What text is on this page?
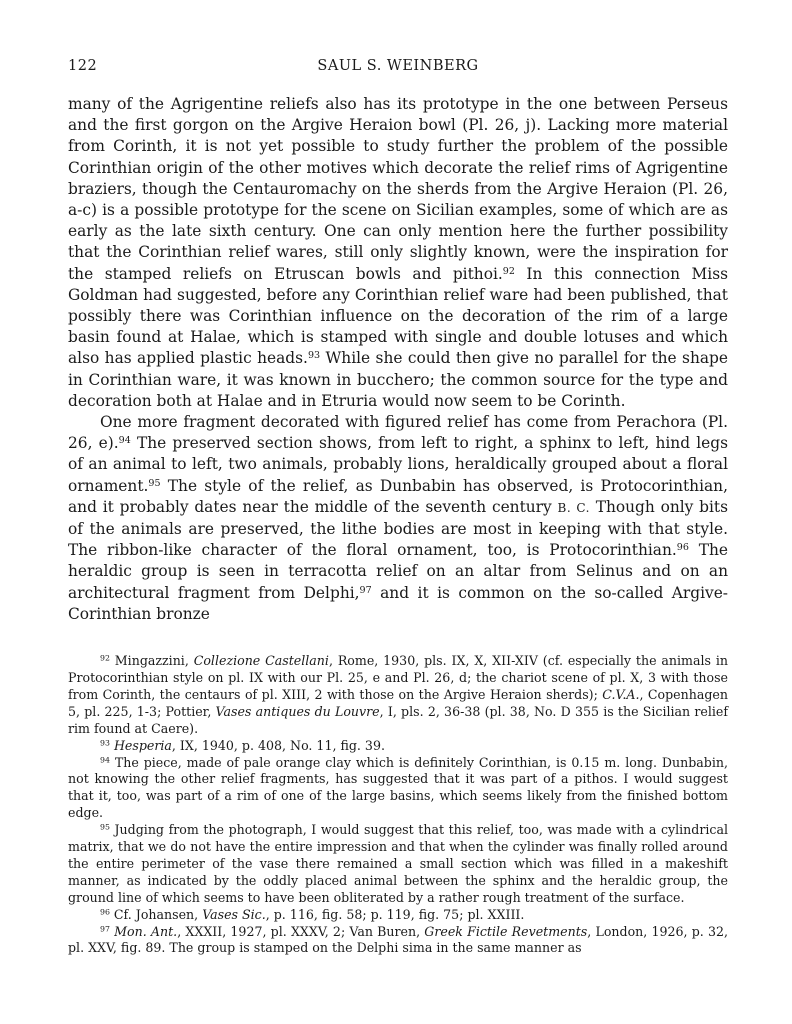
122	SAUL S. WEINBERG

many of the Agrigentine reliefs also has its prototype in the one between Perseus and the first gorgon on the Argive Heraion bowl (Pl. 26, j). Lacking more material from Corinth, it is not yet possible to study further the problem of the possible Corinthian origin of the other motives which decorate the relief rims of Agrigentine braziers, though the Centauromachy on the sherds from the Argive Heraion (Pl. 26, a-c) is a possible prototype for the scene on Sicilian examples, some of which are as early as the late sixth century. One can only mention here the further possibility that the Corinthian relief wares, still only slightly known, were the inspiration for the stamped reliefs on Etruscan bowls and pithoi.$^{92}$ In this connection Miss Goldman had suggested, before any Corinthian relief ware had been published, that possibly there was Corinthian influence on the decoration of the rim of a large basin found at Halae, which is stamped with single and double lotuses and which also has applied plastic heads.$^{93}$ While she could then give no parallel for the shape in Corinthian ware, it was known in bucchero; the common source for the type and decoration both at Halae and in Etruria would now seem to be Corinth.

One more fragment decorated with figured relief has come from Perachora (Pl. 26, e).$^{94}$ The preserved section shows, from left to right, a sphinx to left, hind legs of an animal to left, two animals, probably lions, heraldically grouped about a floral ornament.$^{95}$ The style of the relief, as Dunbabin has observed, is Protocorinthian, and it probably dates near the middle of the seventh century B. C. Though only bits of the animals are preserved, the lithe bodies are most in keeping with that style. The ribbon-like character of the floral ornament, too, is Protocorinthian.$^{96}$ The heraldic group is seen in terracotta relief on an altar from Selinus and on an architectural fragment from Delphi,$^{97}$ and it is common on the so-called Argive-Corinthian bronze

$^{92}$ Mingazzini, Collezione Castellani, Rome, 1930, pls. IX, X, XII-XIV (cf. especially the animals in Protocorinthian style on pl. IX with our Pl. 25, e and Pl. 26, d; the chariot scene of pl. X, 3 with those from Corinth, the centaurs of pl. XIII, 2 with those on the Argive Heraion sherds); C.V.A., Copenhagen 5, pl. 225, 1-3; Pottier, Vases antiques du Louvre, I, pls. 2, 36-38 (pl. 38, No. D 355 is the Sicilian relief rim found at Caere).

$^{93}$ Hesperia, IX, 1940, p. 408, No. 11, fig. 39.

$^{94}$ The piece, made of pale orange clay which is definitely Corinthian, is 0.15 m. long. Dunbabin, not knowing the other relief fragments, has suggested that it was part of a pithos. I would suggest that it, too, was part of a rim of one of the large basins, which seems likely from the finished bottom edge.

$^{95}$ Judging from the photograph, I would suggest that this relief, too, was made with a cylindrical matrix, that we do not have the entire impression and that when the cylinder was finally rolled around the entire perimeter of the vase there remained a small section which was filled in a makeshift manner, as indicated by the oddly placed animal between the sphinx and the heraldic group, the ground line of which seems to have been obliterated by a rather rough treatment of the surface.

$^{96}$ Cf. Johansen, Vases Sic., p. 116, fig. 58; p. 119, fig. 75; pl. XXIII.

$^{97}$ Mon. Ant., XXXII, 1927, pl. XXXV, 2; Van Buren, Greek Fictile Revetments, London, 1926, p. 32, pl. XXV, fig. 89. The group is stamped on the Delphi sima in the same manner as
